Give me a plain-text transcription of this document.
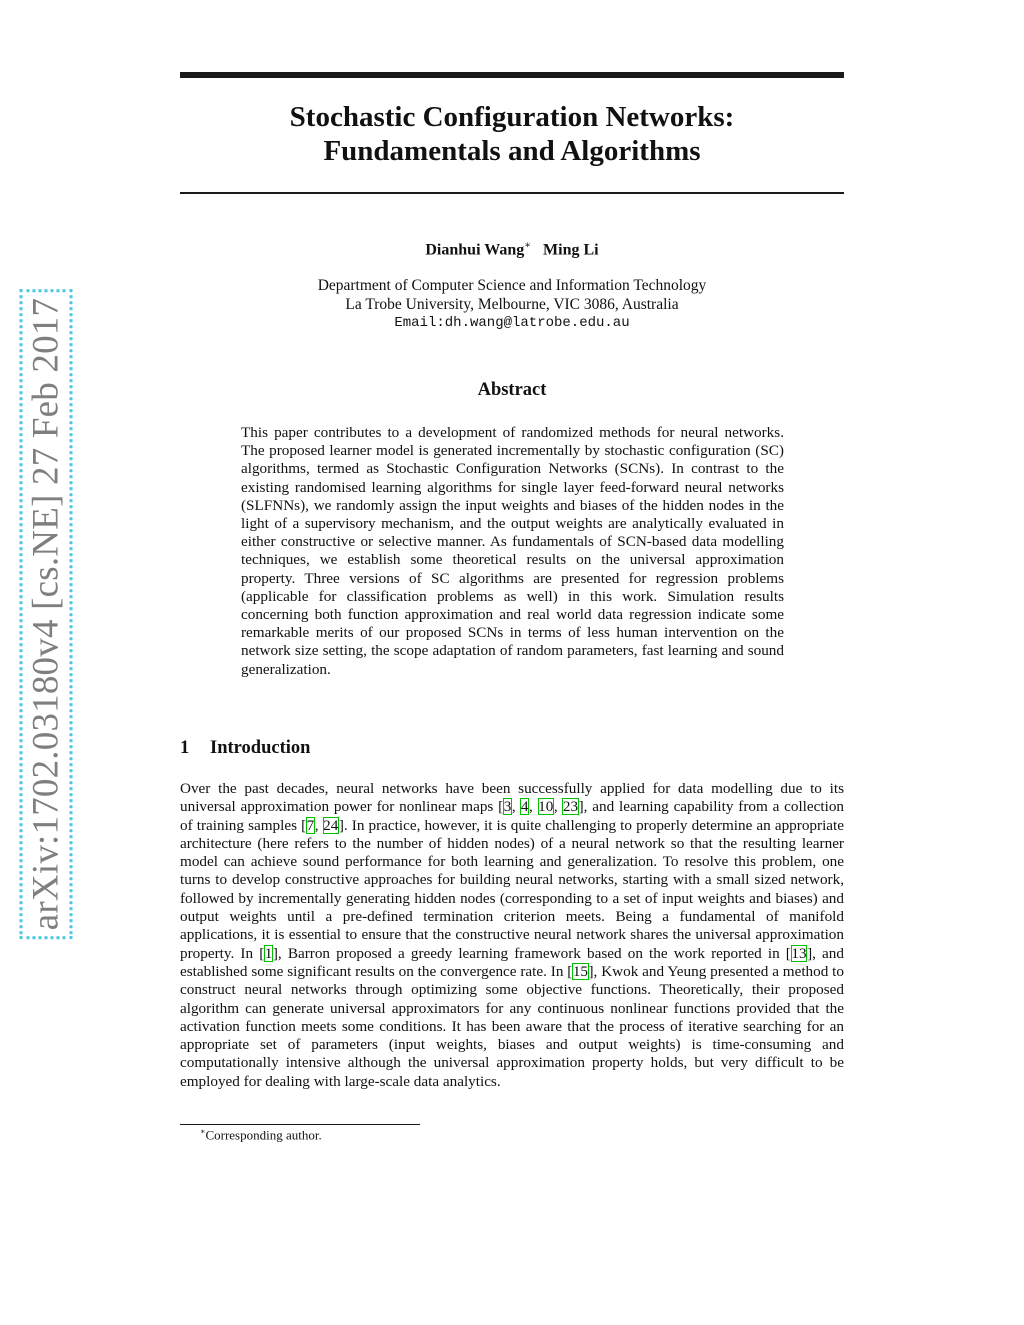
arXiv:1702.03180v4 [cs.NE] 27 Feb 2017
Stochastic Configuration Networks:
Fundamentals and Algorithms
Dianhui Wang∗ Ming Li
Department of Computer Science and Information Technology
La Trobe University, Melbourne, VIC 3086, Australia
Email:dh.wang@latrobe.edu.au
Abstract
This paper contributes to a development of randomized methods for neural networks. The proposed learner model is generated incrementally by stochastic configuration (SC) algorithms, termed as Stochastic Configuration Networks (SCNs). In contrast to the existing randomised learning algorithms for single layer feed-forward neural networks (SLFNNs), we randomly assign the input weights and biases of the hidden nodes in the light of a supervisory mechanism, and the output weights are analytically evaluated in either constructive or selective manner. As fundamentals of SCN-based data modelling techniques, we establish some theoretical results on the universal approximation property. Three versions of SC algorithms are presented for regression problems (applicable for classification problems as well) in this work. Simulation results concerning both function approximation and real world data regression indicate some remarkable merits of our proposed SCNs in terms of less human intervention on the network size setting, the scope adaptation of random parameters, fast learning and sound generalization.
1 Introduction
Over the past decades, neural networks have been successfully applied for data modelling due to its universal approximation power for nonlinear maps [3, 4, 10, 23], and learning capability from a collection of training samples [7, 24]. In practice, however, it is quite challenging to properly determine an appropriate architecture (here refers to the number of hidden nodes) of a neural network so that the resulting learner model can achieve sound performance for both learning and generalization. To resolve this problem, one turns to develop constructive approaches for building neural networks, starting with a small sized network, followed by incrementally generating hidden nodes (corresponding to a set of input weights and biases) and output weights until a pre-defined termination criterion meets. Being a fundamental of manifold applications, it is essential to ensure that the constructive neural network shares the universal approximation property. In [1], Barron proposed a greedy learning framework based on the work reported in [13], and established some significant results on the convergence rate. In [15], Kwok and Yeung presented a method to construct neural networks through optimizing some objective functions. Theoretically, their proposed algorithm can generate universal approximators for any continuous nonlinear functions provided that the activation function meets some conditions. It has been aware that the process of iterative searching for an appropriate set of parameters (input weights, biases and output weights) is time-consuming and computationally intensive although the universal approximation property holds, but very difficult to be employed for dealing with large-scale data analytics.
∗Corresponding author.
